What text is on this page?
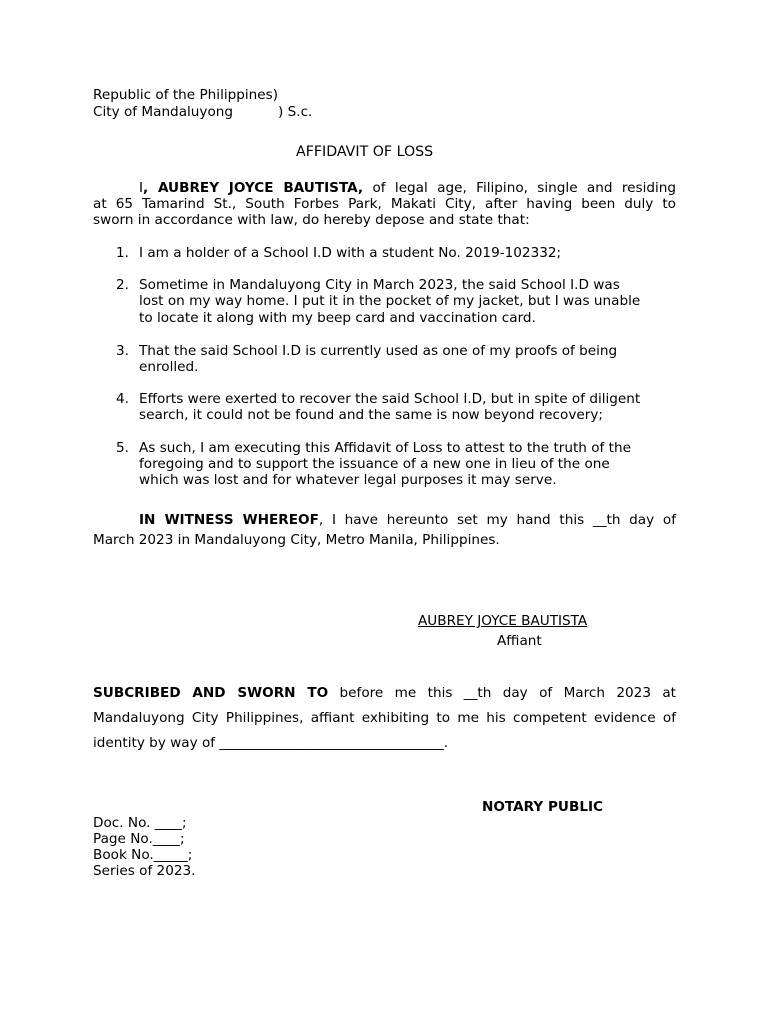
Republic of the Philippines)
City of Mandaluyong	) S.c.
AFFIDAVIT OF LOSS
I, AUBREY JOYCE BAUTISTA, of legal age, Filipino, single and residing
at 65 Tamarind St., South Forbes Park, Makati City, after having been duly to
sworn in accordance with law, do hereby depose and state that:
1. I am a holder of a School I.D with a student No. 2019-102332;
2. Sometime in Mandaluyong City in March 2023, the said School I.D was
lost on my way home. I put it in the pocket of my jacket, but I was unable
to locate it along with my beep card and vaccination card.
3. That the said School I.D is currently used as one of my proofs of being
enrolled.
4. Efforts were exerted to recover the said School I.D, but in spite of diligent
search, it could not be found and the same is now beyond recovery;
5. As such, I am executing this Affidavit of Loss to attest to the truth of the
foregoing and to support the issuance of a new one in lieu of the one
which was lost and for whatever legal purposes it may serve.
IN WITNESS WHEREOF, I have hereunto set my hand this __th day of
March 2023 in Mandaluyong City, Metro Manila, Philippines.
AUBREY JOYCE BAUTISTA
Affiant
SUBCRIBED AND SWORN TO before me this __th day of March 2023 at
Mandaluyong City Philippines, affiant exhibiting to me his competent evidence of
identity by way of _________________________________.
NOTARY PUBLIC
Doc. No. ____;
Page No.____;
Book No._____;
Series of 2023.
